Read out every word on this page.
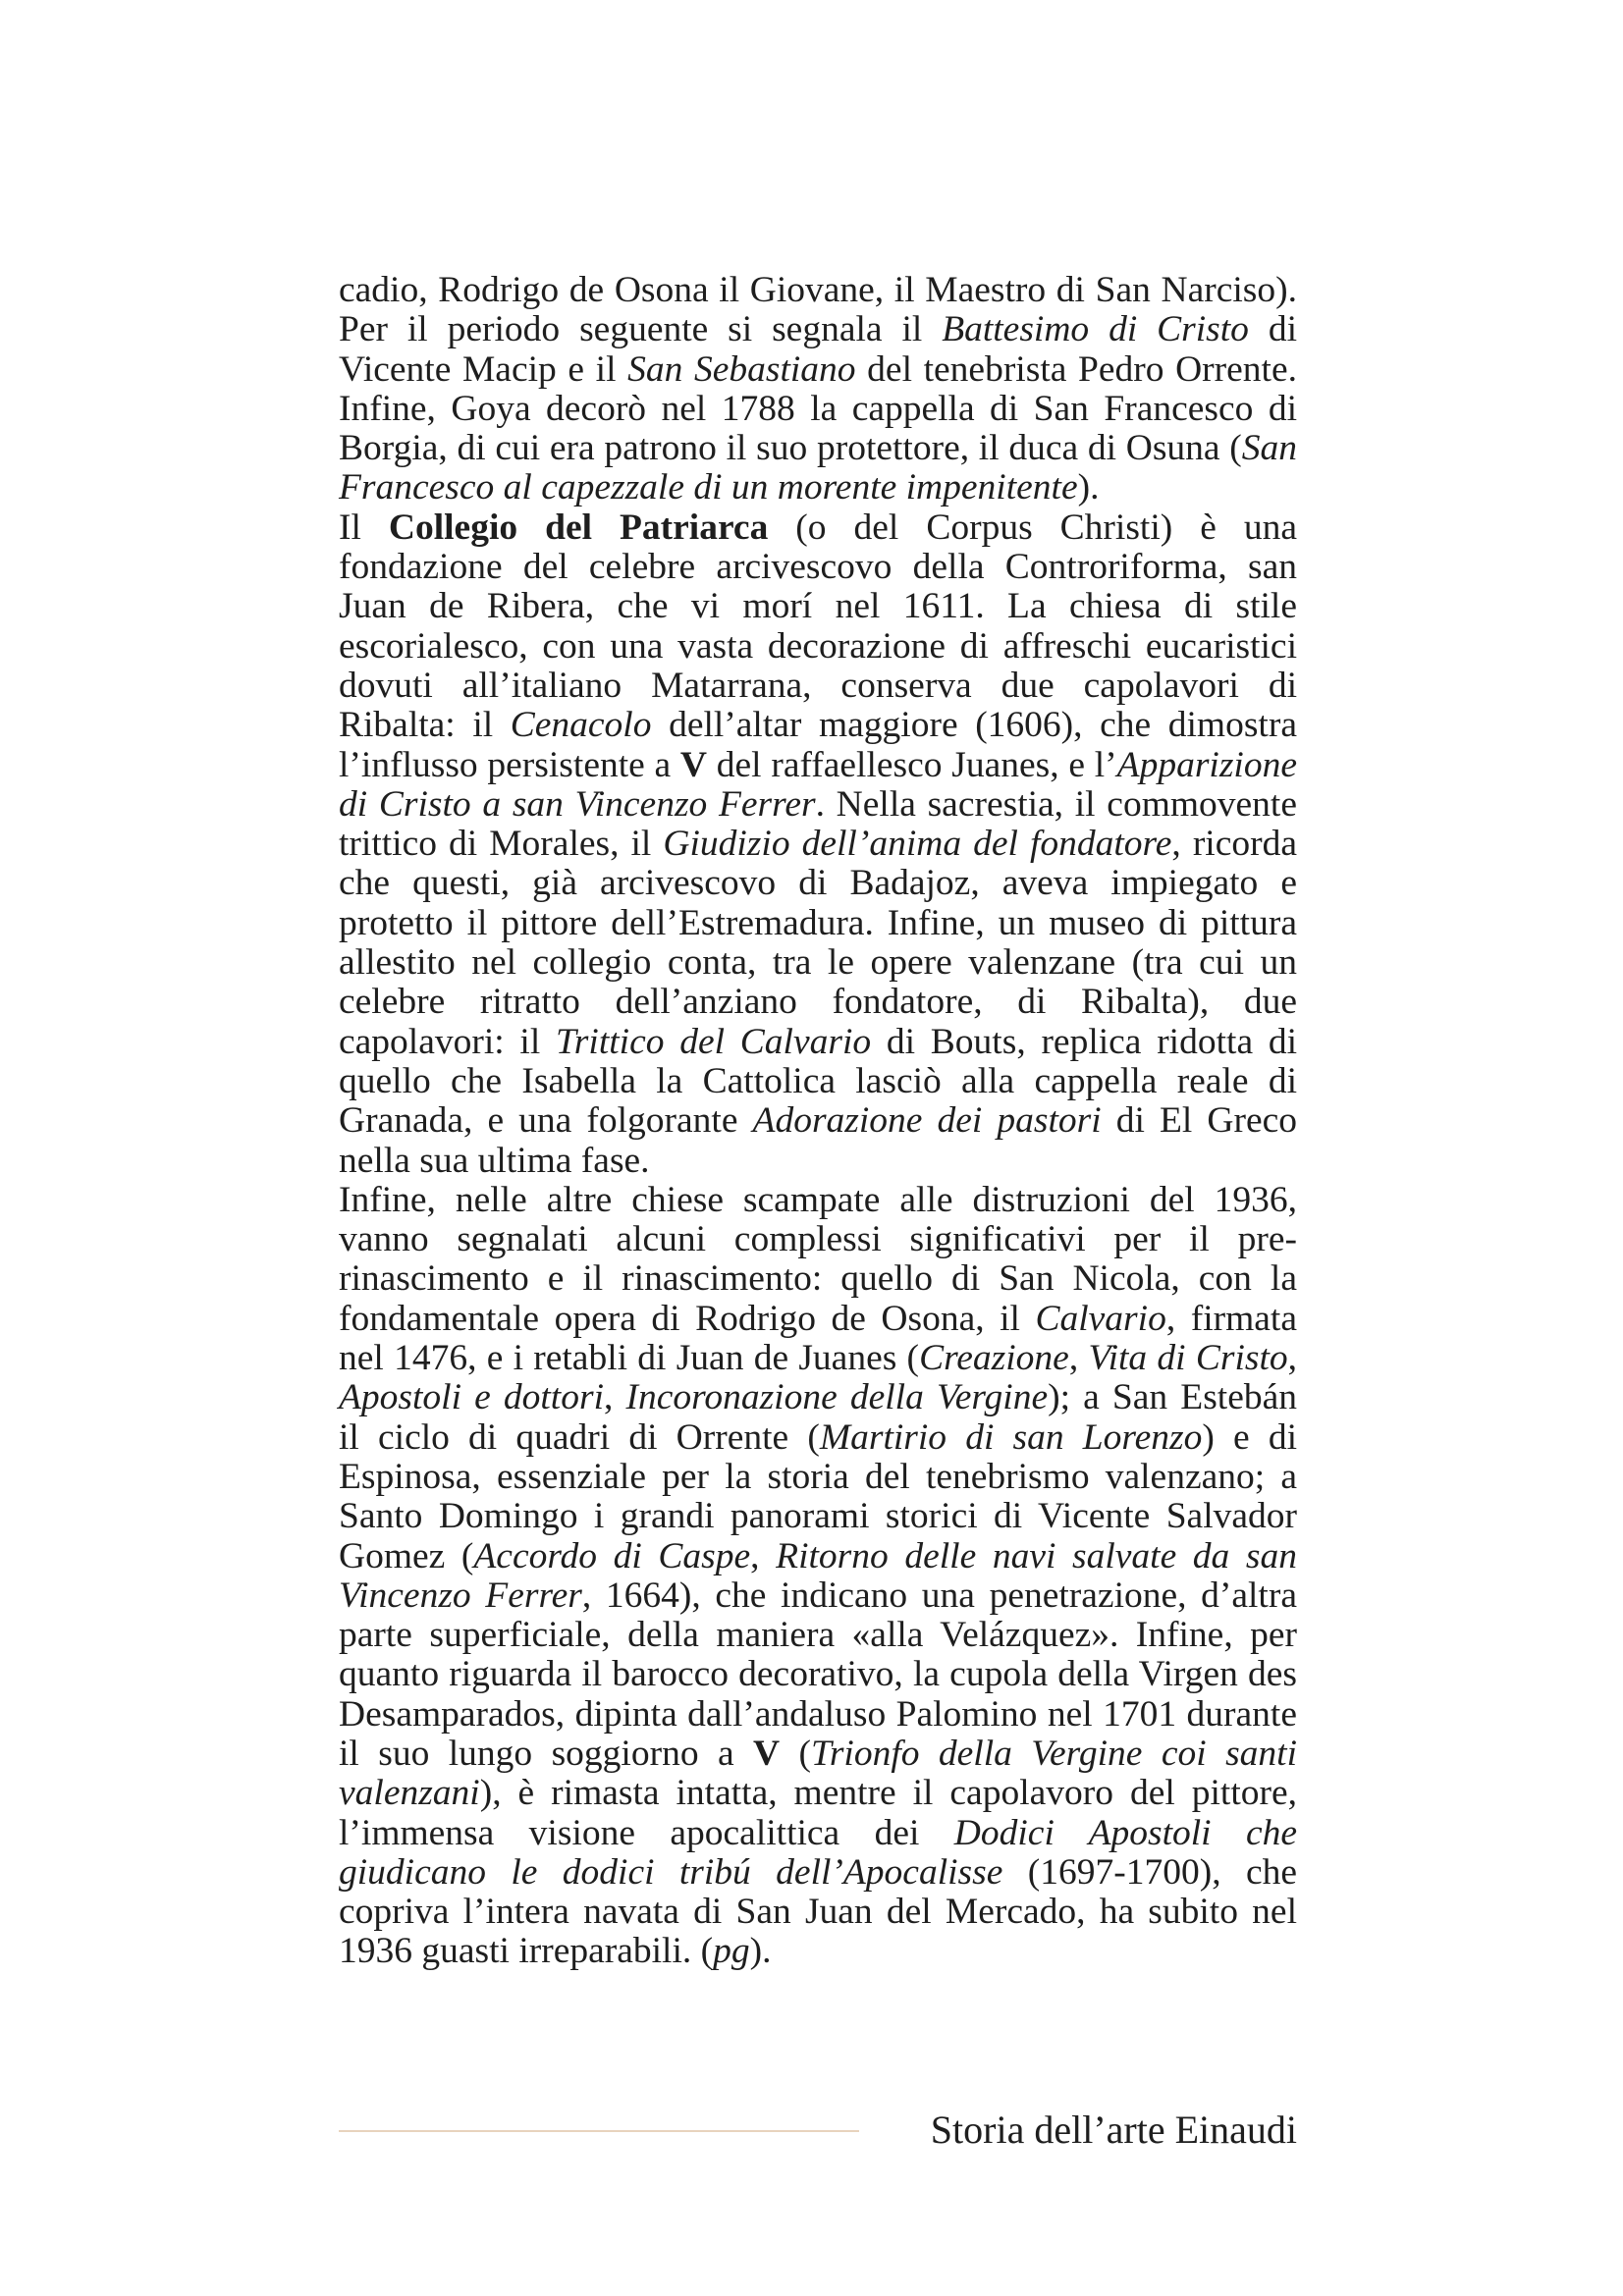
cadio, Rodrigo de Osona il Giovane, il Maestro di San Narciso). Per il periodo seguente si segnala il Battesimo di Cristo di Vicente Macip e il San Sebastiano del tenebrista Pedro Orrente. Infine, Goya decorò nel 1788 la cappella di San Francesco di Borgia, di cui era patrono il suo protettore, il duca di Osuna (San Francesco al capezzale di un morente impenitente).

Il Collegio del Patriarca (o del Corpus Christi) è una fondazione del celebre arcivescovo della Controriforma, san Juan de Ribera, che vi morí nel 1611. La chiesa di stile escorialesco, con una vasta decorazione di affreschi eucaristici dovuti all’italiano Matarrana, conserva due capolavori di Ribalta: il Cenacolo dell’altar maggiore (1606), che dimostra l’influsso persistente a V del raffaellesco Juanes, e l’Apparizione di Cristo a san Vincenzo Ferrer. Nella sacrestia, il commovente trittico di Morales, il Giudizio dell’anima del fondatore, ricorda che questi, già arcivescovo di Badajoz, aveva impiegato e protetto il pittore dell’Estremadura. Infine, un museo di pittura allestito nel collegio conta, tra le opere valenzane (tra cui un celebre ritratto dell’anziano fondatore, di Ribalta), due capolavori: il Trittico del Calvario di Bouts, replica ridotta di quello che Isabella la Cattolica lasciò alla cappella reale di Granada, e una folgorante Adorazione dei pastori di El Greco nella sua ultima fase.

Infine, nelle altre chiese scampate alle distruzioni del 1936, vanno segnalati alcuni complessi significativi per il pre-rinascimento e il rinascimento: quello di San Nicola, con la fondamentale opera di Rodrigo de Osona, il Calvario, firmata nel 1476, e i retabli di Juan de Juanes (Creazione, Vita di Cristo, Apostoli e dottori, Incoronazione della Vergine); a San Estebán il ciclo di quadri di Orrente (Martirio di san Lorenzo) e di Espinosa, essenziale per la storia del tenebrismo valenzano; a Santo Domingo i grandi panorami storici di Vicente Salvador Gomez (Accordo di Caspe, Ritorno delle navi salvate da san Vincenzo Ferrer, 1664), che indicano una penetrazione, d’altra parte superficiale, della maniera «alla Velázquez». Infine, per quanto riguarda il barocco decorativo, la cupola della Virgen des Desamparados, dipinta dall’andaluso Palomino nel 1701 durante il suo lungo soggiorno a V (Trionfo della Vergine coi santi valenzani), è rimasta intatta, mentre il capolavoro del pittore, l’immensa visione apocalittica dei Dodici Apostoli che giudicano le dodici tribú dell’Apocalisse (1697-1700), che copriva l’intera navata di San Juan del Mercado, ha subito nel 1936 guasti irreparabili. (pg).

Storia dell’arte Einaudi
